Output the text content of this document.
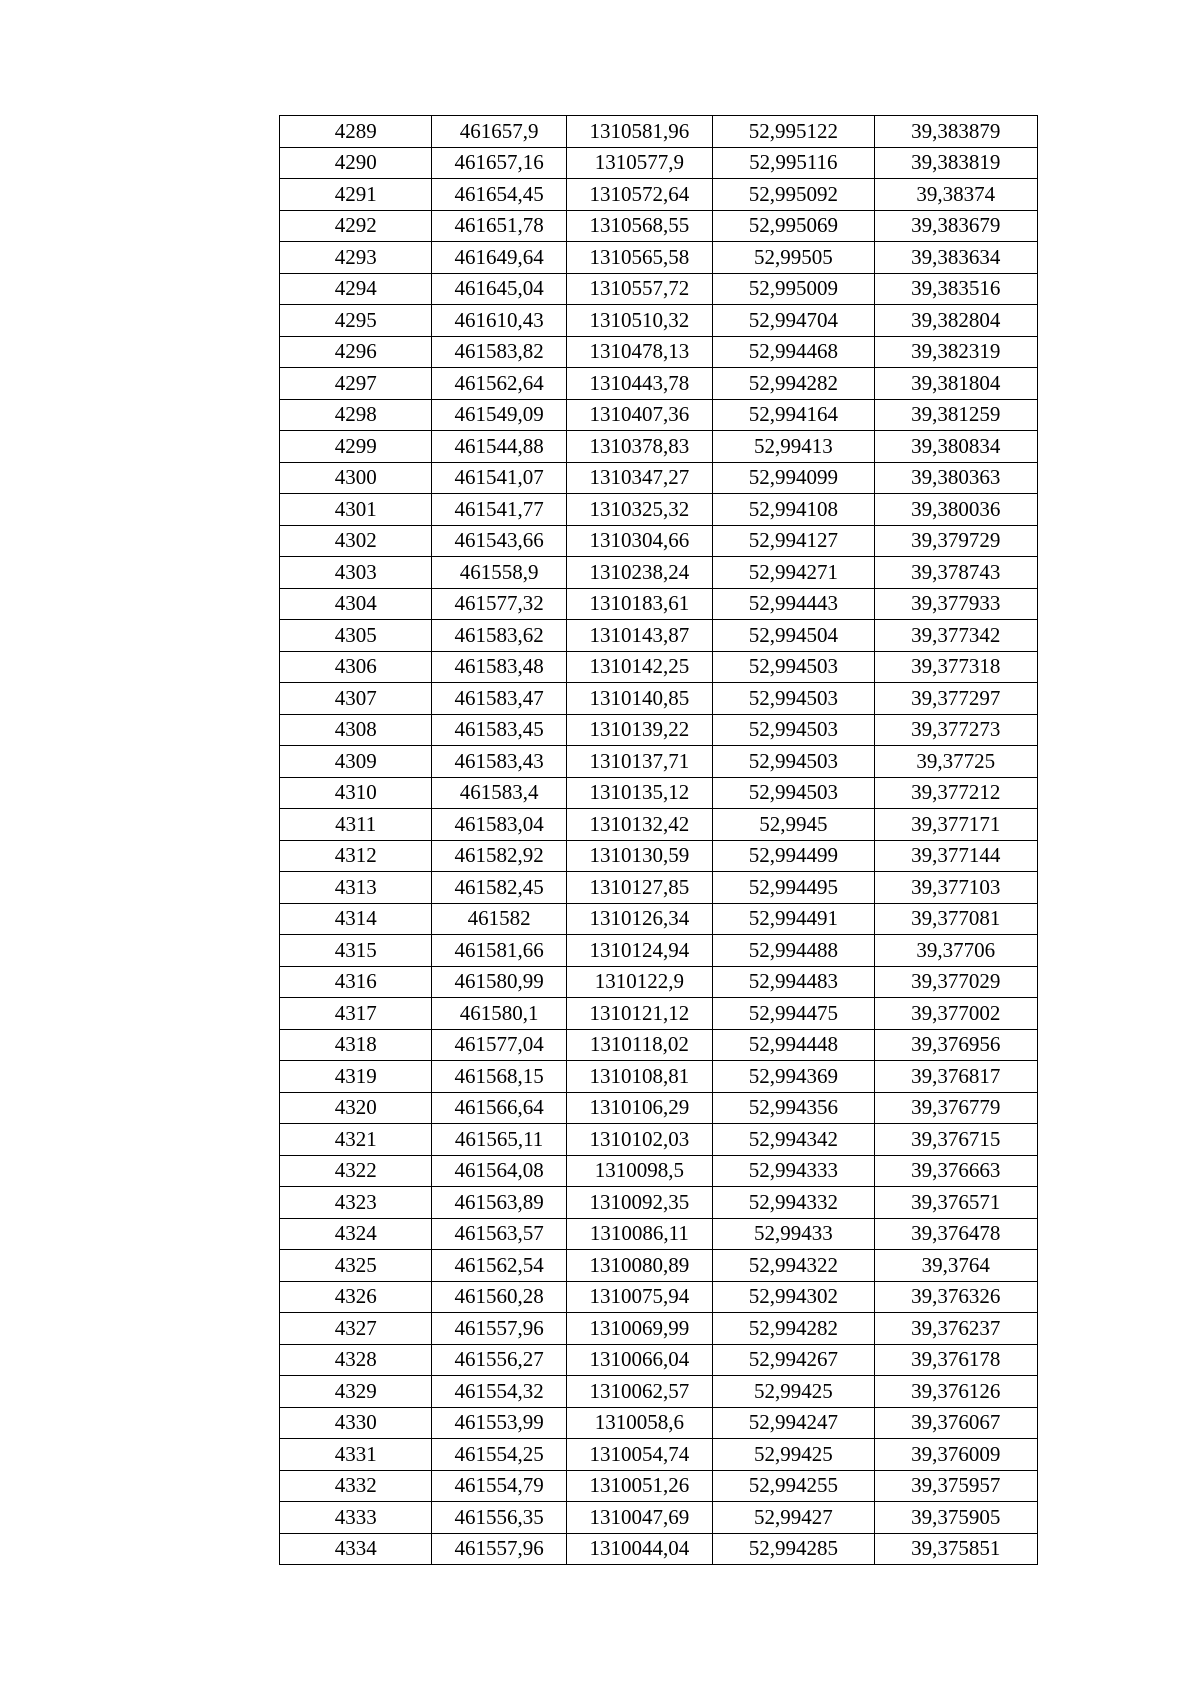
4289	461657,9	1310581,96	52,995122	39,383879
4290	461657,16	1310577,9	52,995116	39,383819
4291	461654,45	1310572,64	52,995092	39,38374
4292	461651,78	1310568,55	52,995069	39,383679
4293	461649,64	1310565,58	52,99505	39,383634
4294	461645,04	1310557,72	52,995009	39,383516
4295	461610,43	1310510,32	52,994704	39,382804
4296	461583,82	1310478,13	52,994468	39,382319
4297	461562,64	1310443,78	52,994282	39,381804
4298	461549,09	1310407,36	52,994164	39,381259
4299	461544,88	1310378,83	52,99413	39,380834
4300	461541,07	1310347,27	52,994099	39,380363
4301	461541,77	1310325,32	52,994108	39,380036
4302	461543,66	1310304,66	52,994127	39,379729
4303	461558,9	1310238,24	52,994271	39,378743
4304	461577,32	1310183,61	52,994443	39,377933
4305	461583,62	1310143,87	52,994504	39,377342
4306	461583,48	1310142,25	52,994503	39,377318
4307	461583,47	1310140,85	52,994503	39,377297
4308	461583,45	1310139,22	52,994503	39,377273
4309	461583,43	1310137,71	52,994503	39,37725
4310	461583,4	1310135,12	52,994503	39,377212
4311	461583,04	1310132,42	52,9945	39,377171
4312	461582,92	1310130,59	52,994499	39,377144
4313	461582,45	1310127,85	52,994495	39,377103
4314	461582	1310126,34	52,994491	39,377081
4315	461581,66	1310124,94	52,994488	39,37706
4316	461580,99	1310122,9	52,994483	39,377029
4317	461580,1	1310121,12	52,994475	39,377002
4318	461577,04	1310118,02	52,994448	39,376956
4319	461568,15	1310108,81	52,994369	39,376817
4320	461566,64	1310106,29	52,994356	39,376779
4321	461565,11	1310102,03	52,994342	39,376715
4322	461564,08	1310098,5	52,994333	39,376663
4323	461563,89	1310092,35	52,994332	39,376571
4324	461563,57	1310086,11	52,99433	39,376478
4325	461562,54	1310080,89	52,994322	39,3764
4326	461560,28	1310075,94	52,994302	39,376326
4327	461557,96	1310069,99	52,994282	39,376237
4328	461556,27	1310066,04	52,994267	39,376178
4329	461554,32	1310062,57	52,99425	39,376126
4330	461553,99	1310058,6	52,994247	39,376067
4331	461554,25	1310054,74	52,99425	39,376009
4332	461554,79	1310051,26	52,994255	39,375957
4333	461556,35	1310047,69	52,99427	39,375905
4334	461557,96	1310044,04	52,994285	39,375851
